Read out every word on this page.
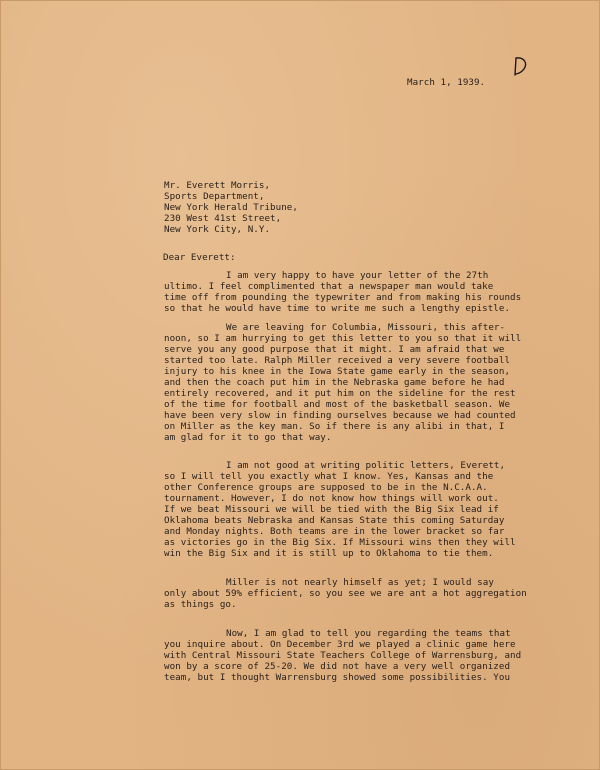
March 1, 1939.
Mr. Everett Morris,
Sports Department,
New York Herald Tribune,
230 West 41st Street,
New York City, N.Y.
Dear Everett:
I am very happy to have your letter of the 27th
ultimo. I feel complimented that a newspaper man would take
time off from pounding the typewriter and from making his rounds
so that he would have time to write me such a lengthy epistle.
We are leaving for Columbia, Missouri, this after-
noon, so I am hurrying to get this letter to you so that it will
serve you any good purpose that it might. I am afraid that we
started too late. Ralph Miller received a very severe football
injury to his knee in the Iowa State game early in the season,
and then the coach put him in the Nebraska game before he had
entirely recovered, and it put him on the sideline for the rest
of the time for football and most of the basketball season. We
have been very slow in finding ourselves because we had counted
on Miller as the key man. So if there is any alibi in that, I
am glad for it to go that way.
I am not good at writing politic letters, Everett,
so I will tell you exactly what I know. Yes, Kansas and the
other Conference groups are supposed to be in the N.C.A.A.
tournament. However, I do not know how things will work out.
If we beat Missouri we will be tied with the Big Six lead if
Oklahoma beats Nebraska and Kansas State this coming Saturday
and Monday nights. Both teams are in the lower bracket so far
as victories go in the Big Six. If Missouri wins then they will
win the Big Six and it is still up to Oklahoma to tie them.
Miller is not nearly himself as yet; I would say
only about 59% efficient, so you see we are ant a hot aggregation
as things go.
Now, I am glad to tell you regarding the teams that
you inquire about. On December 3rd we played a clinic game here
with Central Missouri State Teachers College of Warrensburg, and
won by a score of 25-20. We did not have a very well organized
team, but I thought Warrensburg showed some possibilities. You
